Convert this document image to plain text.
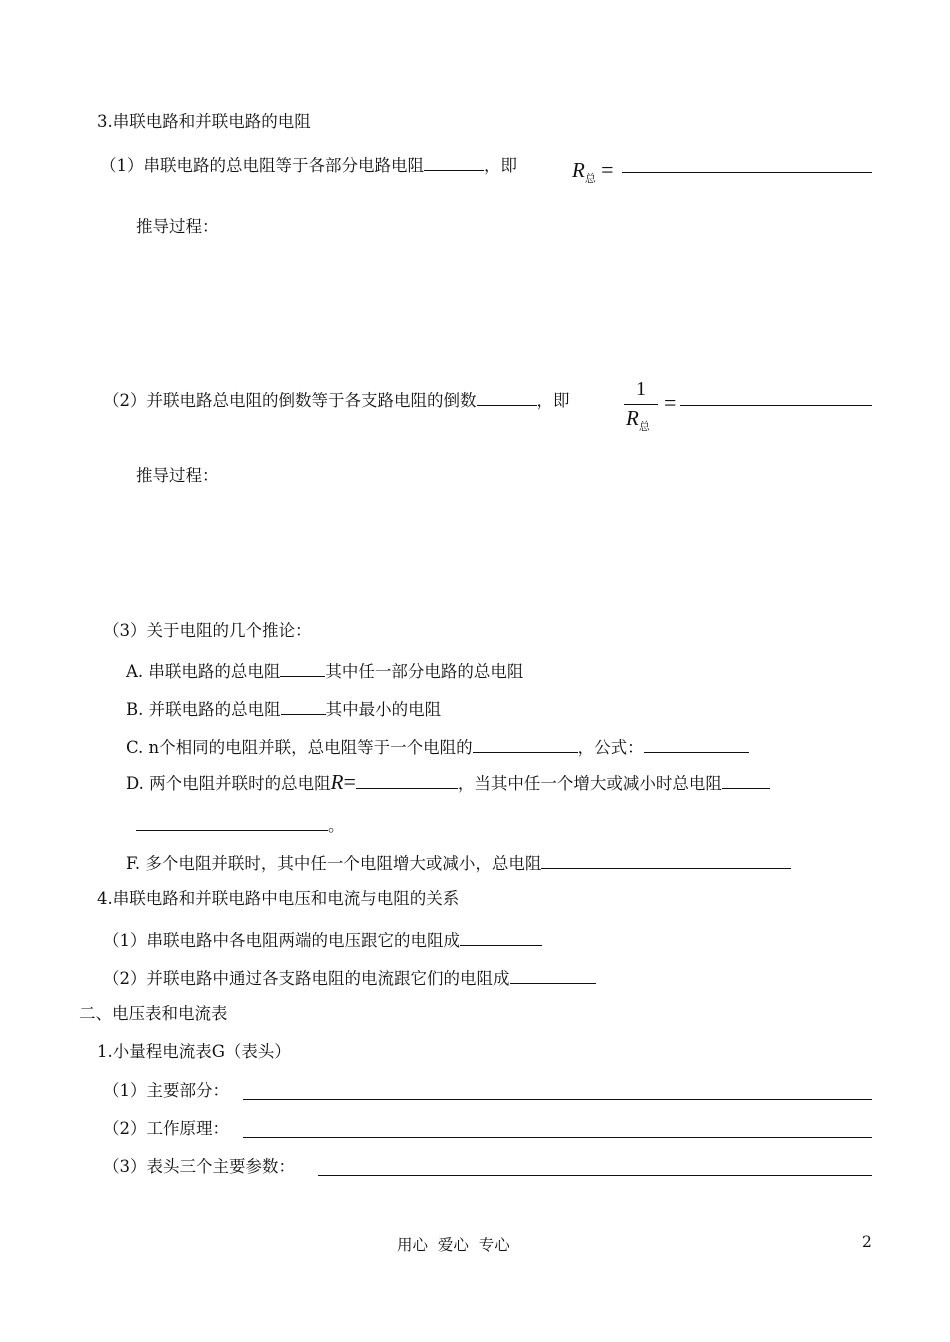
3.串联电路和并联电路的电阻
（1）串联电路的总电阻等于各部分电路电阻	，即	$R_总$ =
推导过程：
（2）并联电路总电阻的倒数等于各支路电阻的倒数	，即
1
$R_总$
=
推导过程：
（3）关于电阻的几个推论：
A. 串联电路的总电阻	其中任一部分电路的总电阻
B. 并联电路的总电阻	其中最小的电阻
C. n个相同的电阻并联，总电阻等于一个电阻的	，公式：
D. 两个电阻并联时的总电阻R=	，当其中任一个增大或减小时总电阻
。
F. 多个电阻并联时，其中任一个电阻增大或减小，总电阻
4.串联电路和并联电路中电压和电流与电阻的关系
（1）串联电路中各电阻两端的电压跟它的电阻成
（2）并联电路中通过各支路电阻的电流跟它们的电阻成
二、电压表和电流表
1.小量程电流表G（表头）
（1）主要部分：
（2）工作原理：
（3）表头三个主要参数：
用心  爱心  专心	2
